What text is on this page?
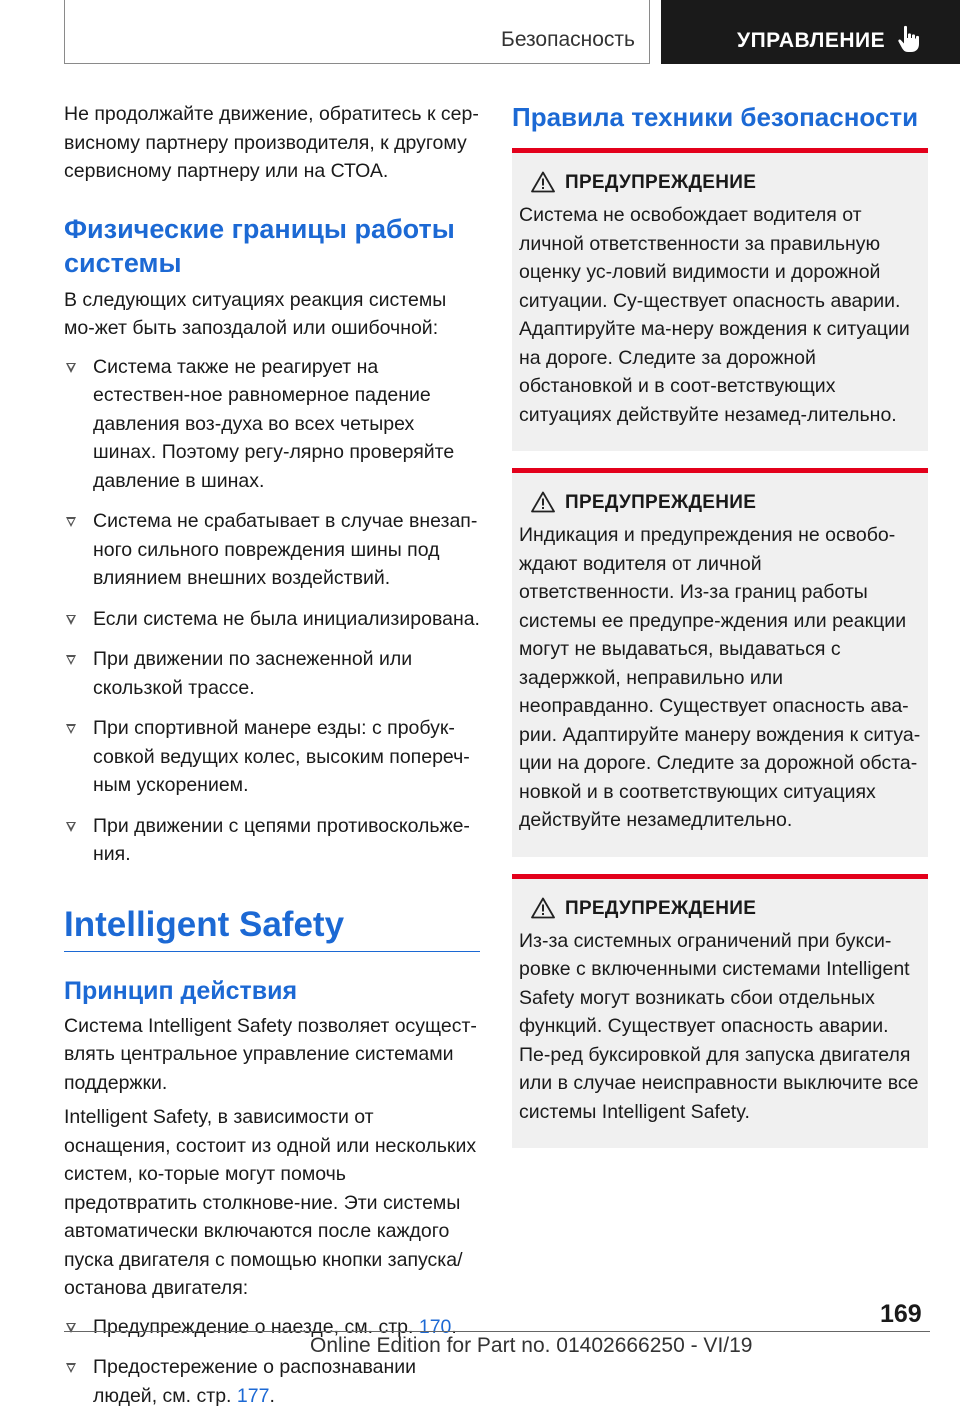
Безопасность	УПРАВЛЕНИЕ

Не продолжайте движение, обратитесь к сер-висному партнеру производителя, к другому сервисному партнеру или на СТОА.

Физические границы работы системы

В следующих ситуациях реакция системы мо-жет быть запоздалой или ошибочной:

Система также не реагирует на естествен-ное равномерное падение давления воз-духа во всех четырех шинах. Поэтому регу-лярно проверяйте давление в шинах.
Система не срабатывает в случае внезап-ного сильного повреждения шины под влиянием внешних воздействий.
Если система не была инициализирована.
При движении по заснеженной или скользкой трассе.
При спортивной манере езды: с пробук-совкой ведущих колес, высоким попереч-ным ускорением.
При движении с цепями противоскольже-ния.
Intelligent Safety
Принцип действия

Система Intelligent Safety позволяет осущест-влять центральное управление системами поддержки.

Intelligent Safety, в зависимости от оснащения, состоит из одной или нескольких систем, ко-торые могут помочь предотвратить столкнове-ние. Эти системы автоматически включаются после каждого пуска двигателя с помощью кнопки запуска/останова двигателя:

Предупреждение о наезде, см. стр. 170.
Предостережение о распознавании людей, см. стр. 177.
Правила техники безопасности
ПРЕДУПРЕЖДЕНИЕ

Система не освобождает водителя от личной ответственности за правильную оценку ус-ловий видимости и дорожной ситуации. Су-ществует опасность аварии. Адаптируйте ма-неру вождения к ситуации на дороге. Следите за дорожной обстановкой и в соот-ветствующих ситуациях действуйте незамед-лительно.

ПРЕДУПРЕЖДЕНИЕ

Индикация и предупреждения не освобо-ждают водителя от личной ответственности. Из-за границ работы системы ее предупре-ждения или реакции могут не выдаваться, выдаваться с задержкой, неправильно или неоправданно. Существует опасность ава-рии. Адаптируйте манеру вождения к ситуа-ции на дороге. Следите за дорожной обста-новкой и в соответствующих ситуациях действуйте незамедлительно.

ПРЕДУПРЕЖДЕНИЕ

Из-за системных ограничений при букси-ровке с включенными системами Intelligent Safety могут возникать сбои отдельных функций. Существует опасность аварии. Пе-ред буксировкой для запуска двигателя или в случае неисправности выключите все системы Intelligent Safety.

169
Online Edition for Part no. 01402666250 - VI/19
